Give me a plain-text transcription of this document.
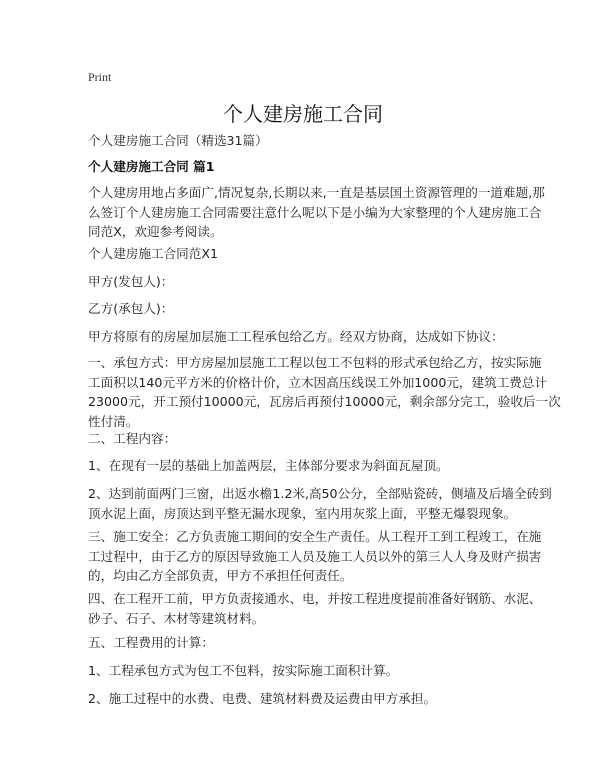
Print
个人建房施工合同
个人建房施工合同（精选31篇）
个人建房施工合同 篇1
个人建房用地占多面广,情况复杂,长期以来,一直是基层国土资源管理的一道难题,那
么签订个人建房施工合同需要注意什么呢以下是小编为大家整理的个人建房施工合
同范X，欢迎参考阅读。
个人建房施工合同范X1
甲方(发包人)：
乙方(承包人)：
甲方将原有的房屋加层施工工程承包给乙方。经双方协商，达成如下协议：
一、承包方式：甲方房屋加层施工工程以包工不包料的形式承包给乙方，按实际施
工面积以140元平方米的价格计价，立木因高压线误工外加1000元，建筑工费总计
23000元，开工预付10000元，瓦房后再预付10000元，剩余部分完工，验收后一次
性付清。
二、工程内容：
1、在现有一层的基础上加盖两层，主体部分要求为斜面瓦屋顶。
2、达到前面两门三窗，出返水檐1.2米,高50公分，全部贴瓷砖，侧墙及后墙全砖到
顶水泥上面，房顶达到平整无漏水现象，室内用灰浆上面，平整无爆裂现象。
三、施工安全：乙方负责施工期间的安全生产责任。从工程开工到工程竣工，在施
工过程中，由于乙方的原因导致施工人员及施工人员以外的第三人人身及财产损害
的，均由乙方全部负责，甲方不承担任何责任。
四、在工程开工前，甲方负责接通水、电，并按工程进度提前准备好钢筋、水泥、
砂子、石子、木材等建筑材料。
五、工程费用的计算：
1、工程承包方式为包工不包料，按实际施工面积计算。
2、施工过程中的水费、电费、建筑材料费及运费由甲方承担。
